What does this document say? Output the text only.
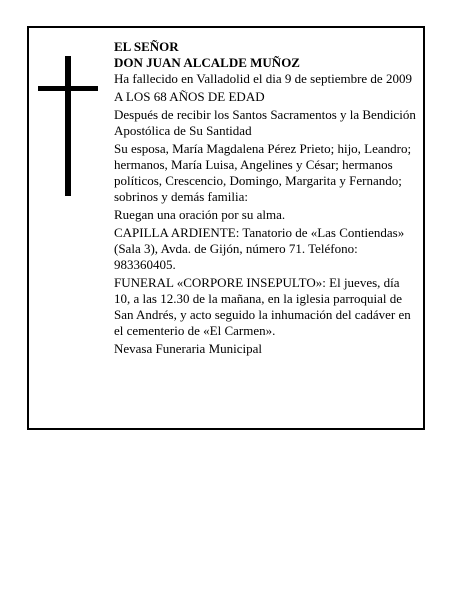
EL SEÑOR

DON JUAN ALCALDE MUÑOZ

Ha fallecido en Valladolid el dia 9 de septiembre de 2009

A LOS 68 AÑOS DE EDAD

Después de recibir los Santos Sacramentos y la Bendición Apostólica de Su Santidad

Su esposa, María Magdalena Pérez Prieto; hijo, Leandro; hermanos, María Luisa, Angelines y César; hermanos políticos, Crescencio, Domingo, Margarita y Fernando; sobrinos y demás familia:

Ruegan una oración por su alma.

CAPILLA ARDIENTE: Tanatorio de «Las Contiendas» (Sala 3), Avda. de Gijón, número 71. Teléfono: 983360405.

FUNERAL «CORPORE INSEPULTO»: El jueves, día 10, a las 12.30 de la mañana, en la iglesia parroquial de San Andrés, y acto seguido la inhumación del cadáver en el cementerio de «El Carmen».

Nevasa Funeraria Municipal
